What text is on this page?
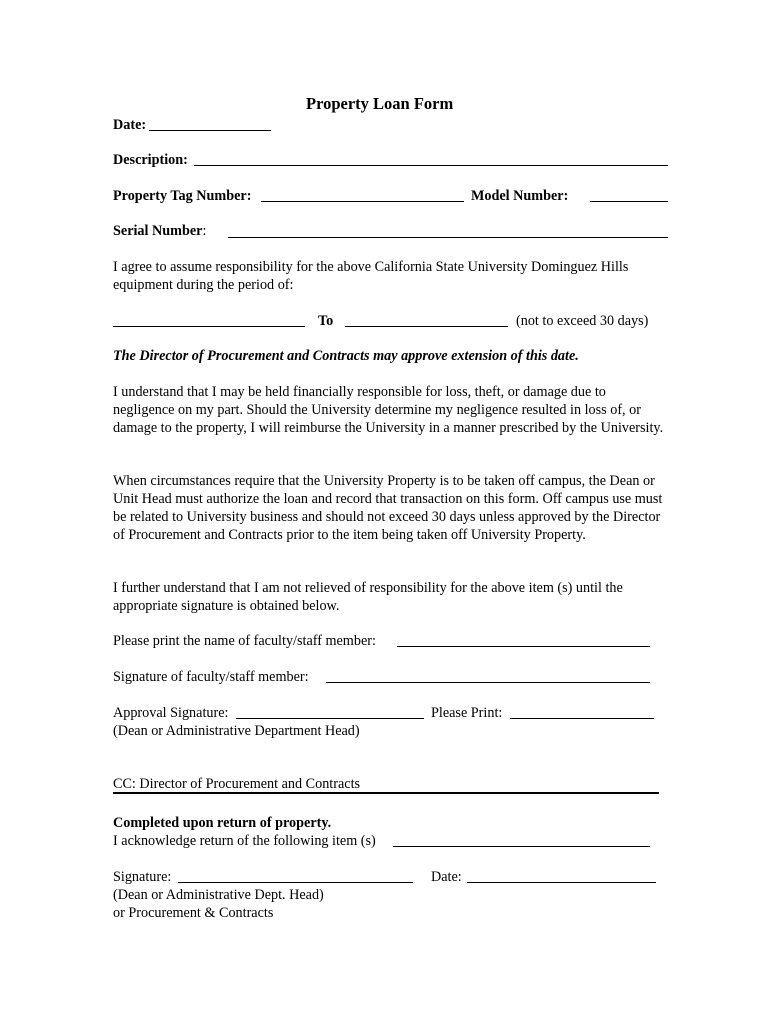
Property Loan Form
Date:
Description:
Property Tag Number:	Model Number:
Serial Number:

I agree to assume responsibility for the above California State University Dominguez Hills equipment during the period of:

To	(not to exceed 30 days)
The Director of Procurement and Contracts may approve extension of this date.

I understand that I may be held financially responsible for loss, theft, or damage due to negligence on my part. Should the University determine my negligence resulted in loss of, or damage to the property, I will reimburse the University in a manner prescribed by the University.

When circumstances require that the University Property is to be taken off campus, the Dean or Unit Head must authorize the loan and record that transaction on this form. Off campus use must be related to University business and should not exceed 30 days unless approved by the Director of Procurement and Contracts prior to the item being taken off University Property.

I further understand that I am not relieved of responsibility for the above item (s) until the appropriate signature is obtained below.

Please print the name of faculty/staff member:
Signature of faculty/staff member:
Approval Signature:	Please Print:
(Dean or Administrative Department Head)
CC: Director of Procurement and Contracts
Completed upon return of property.
I acknowledge return of the following item (s)
Signature:	Date:
(Dean or Administrative Dept. Head)
or Procurement & Contracts
